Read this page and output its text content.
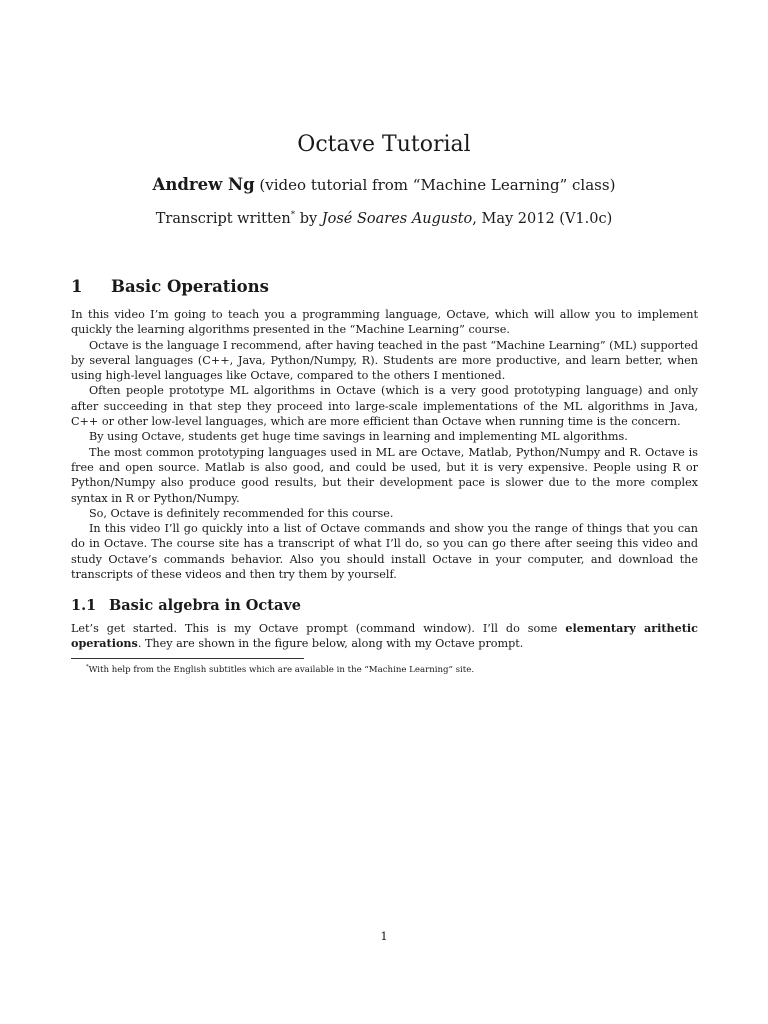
Octave Tutorial
Andrew Ng (video tutorial from “Machine Learning” class)
Transcript written* by José Soares Augusto, May 2012 (V1.0c)
1 Basic Operations

In this video I’m going to teach you a programming language, Octave, which will allow you to implement quickly the learning algorithms presented in the “Machine Learning” course.

Octave is the language I recommend, after having teached in the past “Machine Learning” (ML) supported by several languages (C++, Java, Python/Numpy, R). Students are more productive, and learn better, when using high-level languages like Octave, compared to the others I mentioned.

Often people prototype ML algorithms in Octave (which is a very good prototyping language) and only after succeeding in that step they proceed into large-scale implementations of the ML algorithms in Java, C++ or other low-level languages, which are more efficient than Octave when running time is the concern.

By using Octave, students get huge time savings in learning and implementing ML algorithms.

The most common prototyping languages used in ML are Octave, Matlab, Python/Numpy and R. Octave is free and open source. Matlab is also good, and could be used, but it is very expensive. People using R or Python/Numpy also produce good results, but their development pace is slower due to the more complex syntax in R or Python/Numpy.

So, Octave is definitely recommended for this course.

In this video I’ll go quickly into a list of Octave commands and show you the range of things that you can do in Octave. The course site has a transcript of what I’ll do, so you can go there after seeing this video and study Octave’s commands behavior. Also you should install Octave in your computer, and download the transcripts of these videos and then try them by yourself.

1.1 Basic algebra in Octave

Let’s get started. This is my Octave prompt (command window). I’ll do some elementary arithetic operations. They are shown in the figure below, along with my Octave prompt.

*With help from the English subtitles which are available in the “Machine Learning” site.
1
